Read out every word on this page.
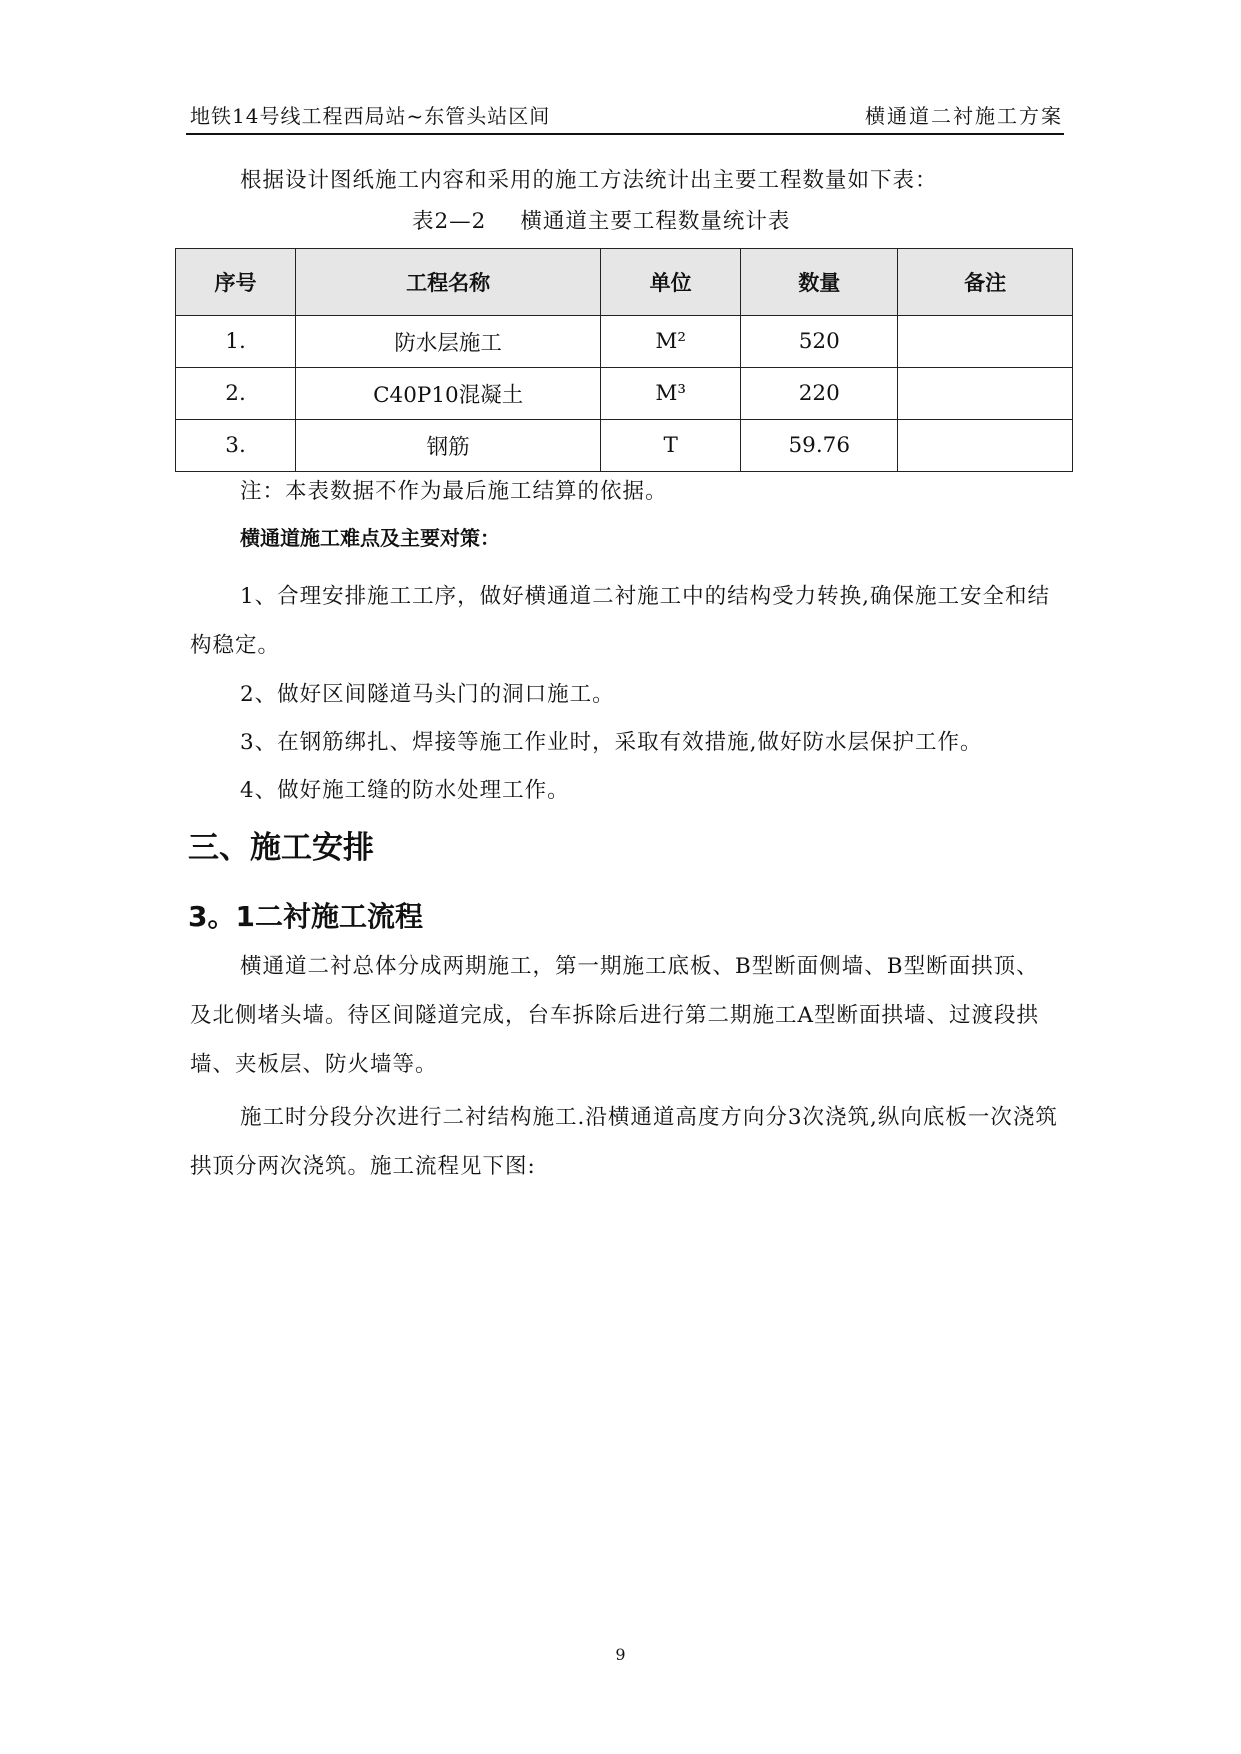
地铁14号线工程西局站~东管头站区间	横通道二衬施工方案
根据设计图纸施工内容和采用的施工方法统计出主要工程数量如下表：
表2—2 横通道主要工程数量统计表
序号	工程名称	单位	数量	备注
1.	防水层施工	M²	520	
2.	C40P10混凝土	M³	220	
3.	钢筋	T	59.76	
注：本表数据不作为最后施工结算的依据。
横通道施工难点及主要对策：
1、合理安排施工工序，做好横通道二衬施工中的结构受力转换,确保施工安全和结构稳定。
2、做好区间隧道马头门的洞口施工。
3、在钢筋绑扎、焊接等施工作业时，采取有效措施,做好防水层保护工作。
4、做好施工缝的防水处理工作。
三、施工安排
3。1二衬施工流程
横通道二衬总体分成两期施工，第一期施工底板、B型断面侧墙、B型断面拱顶、及北侧堵头墙。待区间隧道完成，台车拆除后进行第二期施工A型断面拱墙、过渡段拱墙、夹板层、防火墙等。
施工时分段分次进行二衬结构施工.沿横通道高度方向分3次浇筑,纵向底板一次浇筑拱顶分两次浇筑。施工流程见下图:
9
